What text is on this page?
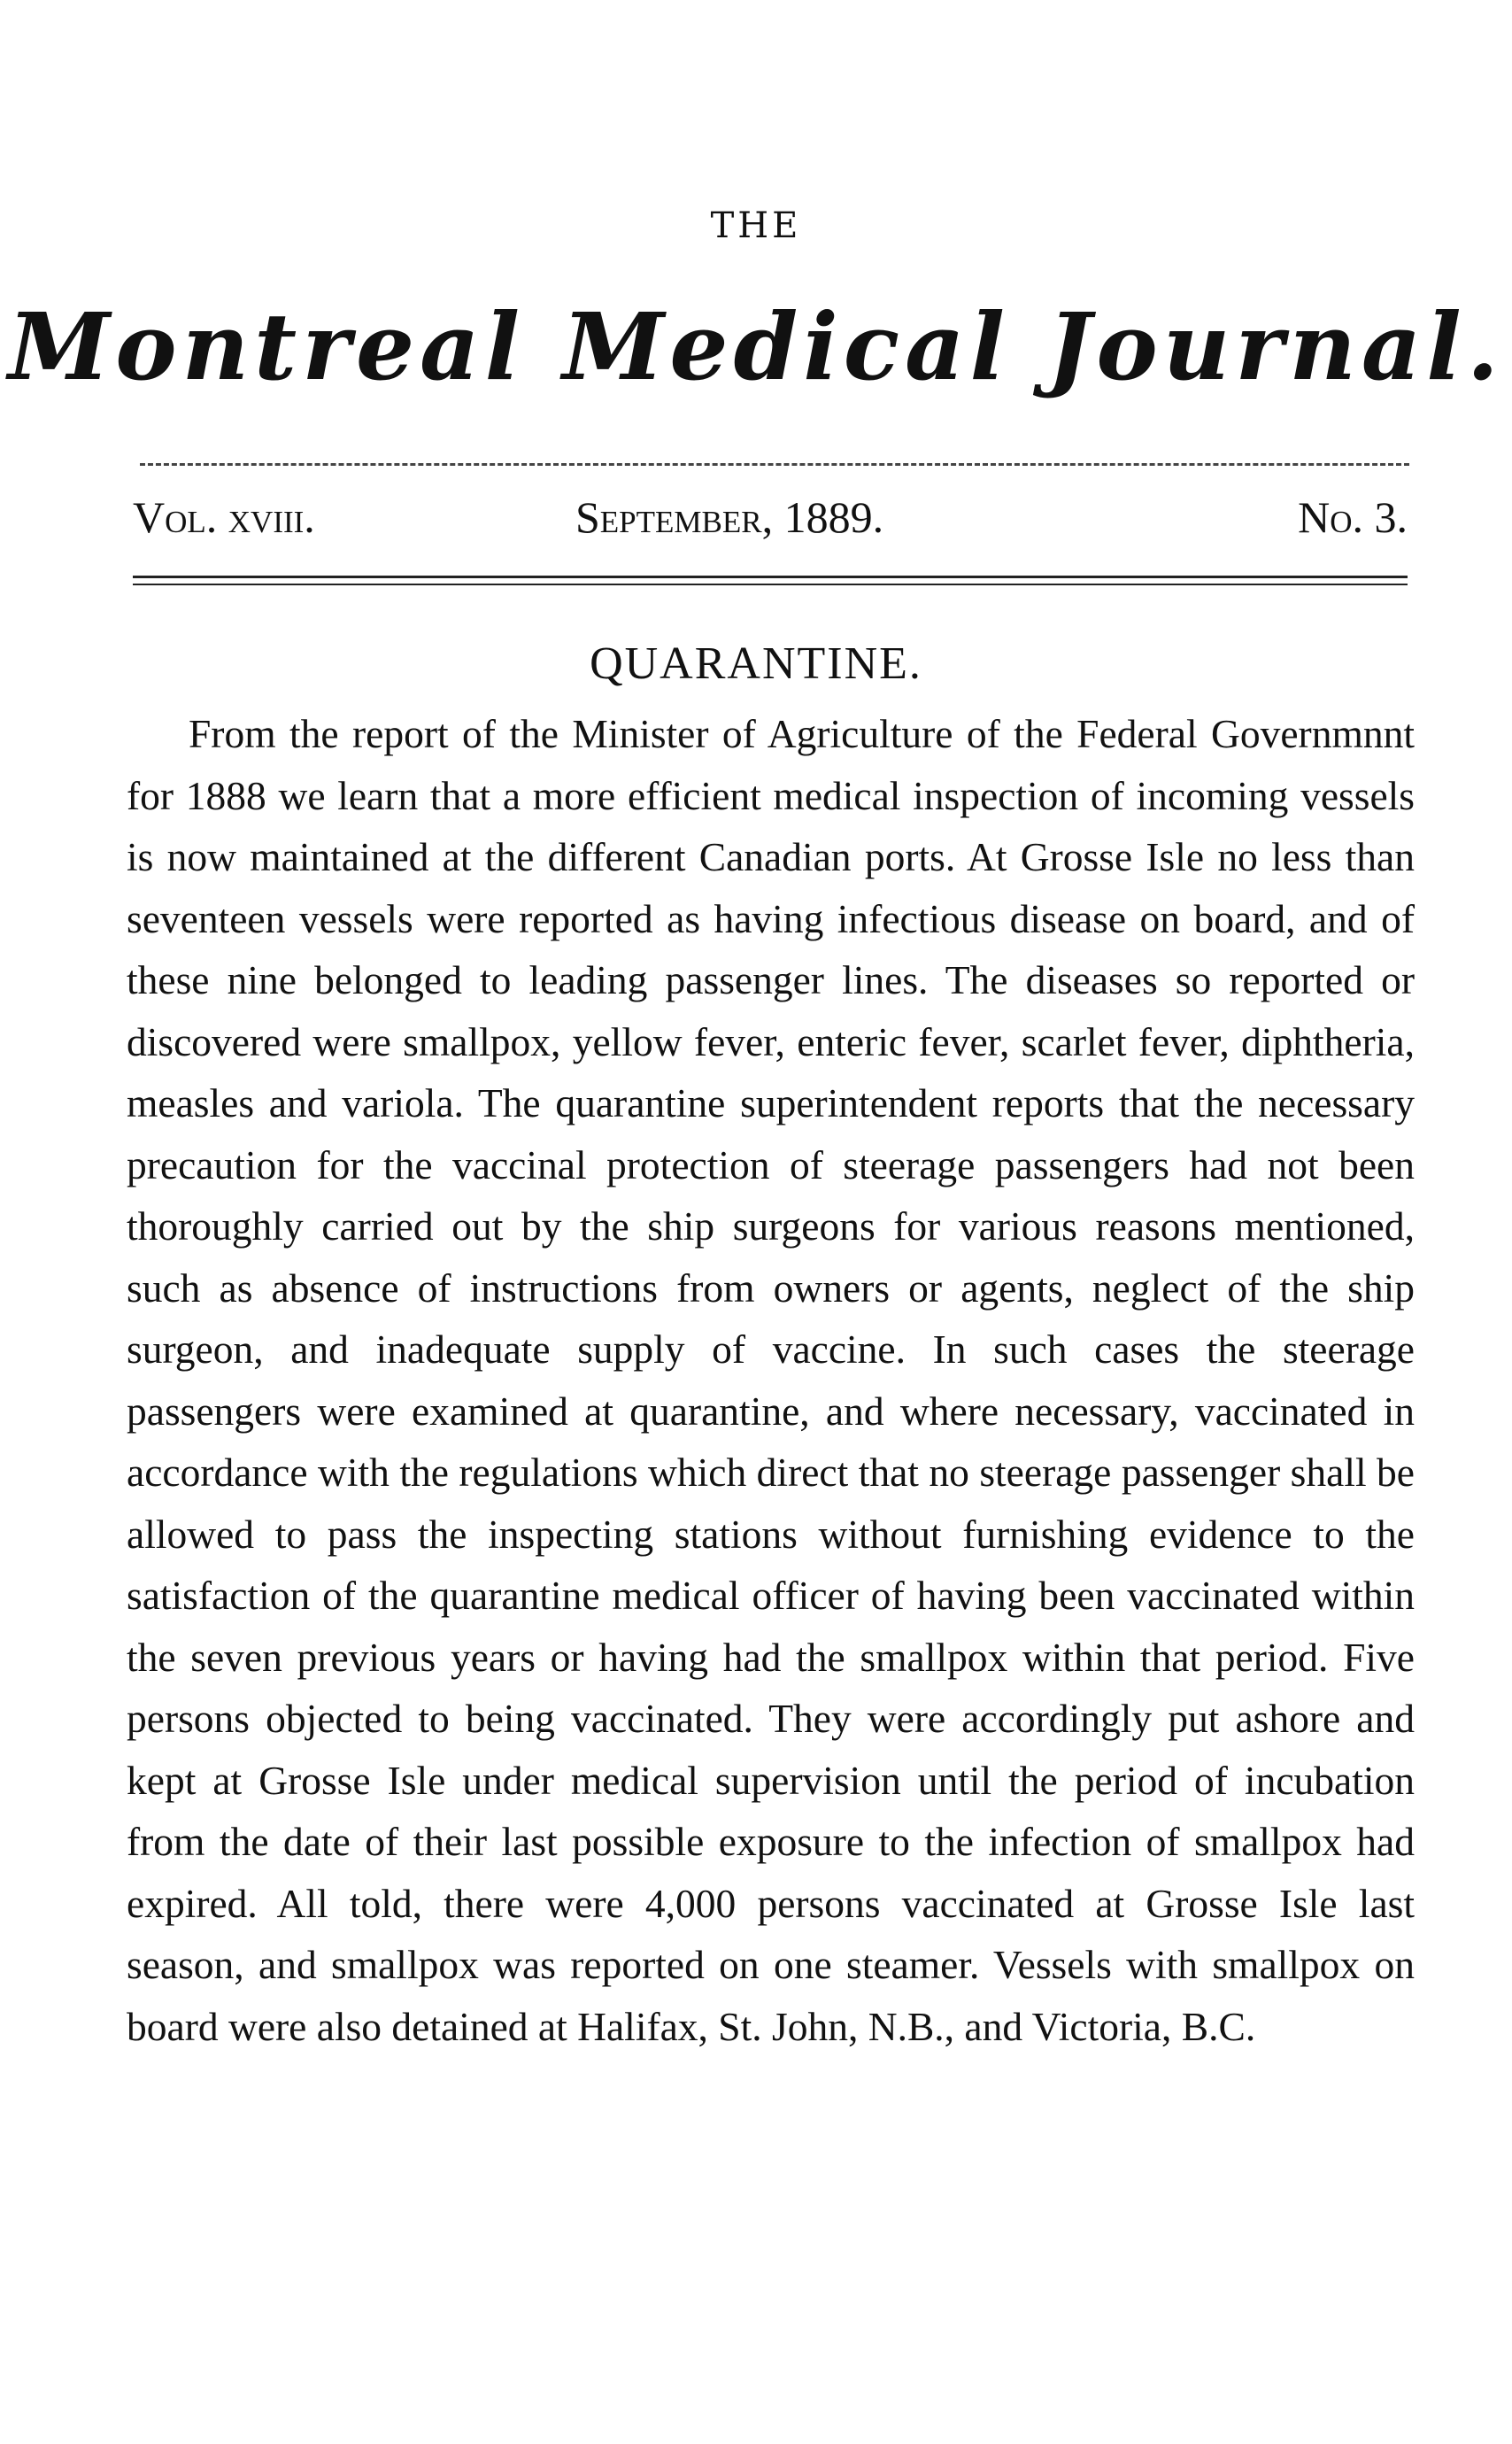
THE
Montreal Medical Journal.
Vol. xviii.	September, 1889.	No. 3.
QUARANTINE.

From the report of the Minister of Agriculture of the Federal Governmnnt for 1888 we learn that a more efficient medical inspection of incoming vessels is now maintained at the different Canadian ports. At Grosse Isle no less than seventeen vessels were reported as having infectious disease on board, and of these nine belonged to leading passenger lines. The diseases so reported or discovered were smallpox, yellow fever, enteric fever, scarlet fever, diphtheria, measles and variola. The quarantine superintendent reports that the necessary precaution for the vaccinal protection of steerage passengers had not been thoroughly carried out by the ship surgeons for various reasons mentioned, such as absence of instructions from owners or agents, neglect of the ship surgeon, and inadequate supply of vaccine. In such cases the steerage passengers were examined at quarantine, and where necessary, vaccinated in accordance with the regulations which direct that no steerage passenger shall be allowed to pass the inspecting stations without furnishing evidence to the satisfaction of the quarantine medical officer of having been vaccinated within the seven previous years or having had the smallpox within that period. Five persons objected to being vaccinated. They were accordingly put ashore and kept at Grosse Isle under medical supervision until the period of incubation from the date of their last possible exposure to the infection of smallpox had expired. All told, there were 4,000 persons vaccinated at Grosse Isle last season, and smallpox was reported on one steamer. Vessels with smallpox on board were also detained at Halifax, St. John, N.B., and Victoria, B.C.
